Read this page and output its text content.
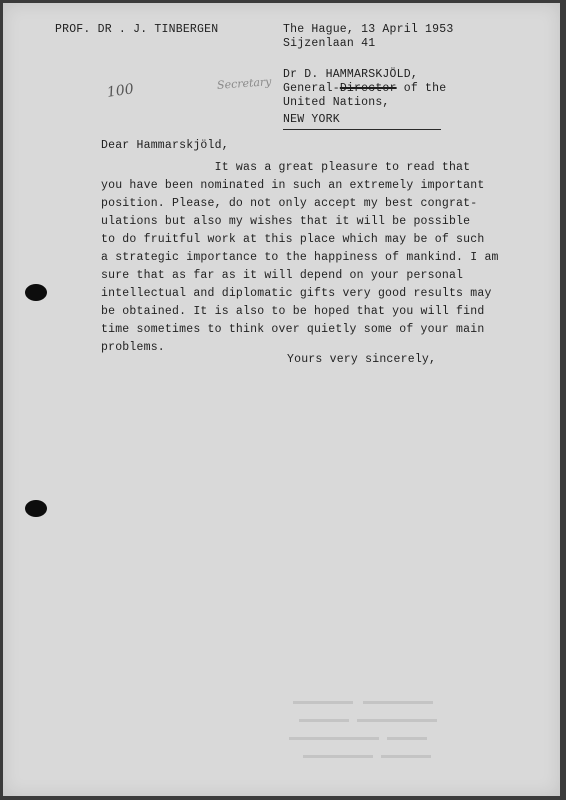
PROF. DR . J. TINBERGEN	The Hague, 13 April 1953
Sijzenlaan 41
Dr D. HAMMARSKJÖLD,
General-Director of the
United Nations,
NEW YORK
100	Secretary
Dear Hammarskjöld,
It was a great pleasure to read that
you have been nominated in such an extremely important
position. Please, do not only accept my best congrat-
ulations but also my wishes that it will be possible
to do fruitful work at this place which may be of such
a strategic importance to the happiness of mankind. I am
sure that as far as it will depend on your personal
intellectual and diplomatic gifts very good results may
be obtained. It is also to be hoped that you will find
time sometimes to think over quietly some of your main
problems.
Yours very sincerely,
